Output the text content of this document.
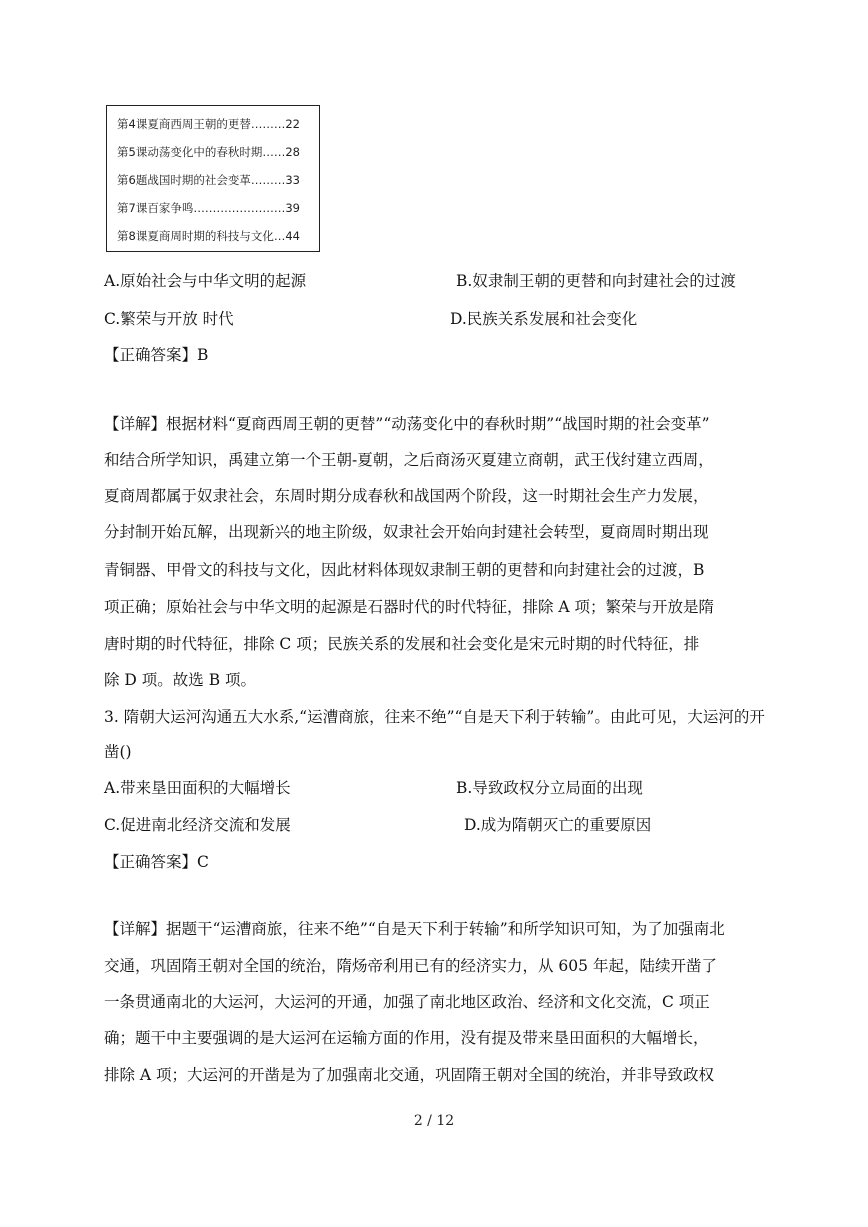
第4课夏商西周王朝的更替………22
第5课动荡变化中的春秋时期……28
第6题战国时期的社会变革………33
第7课百家争鸣……………………39
第8课夏商周时期的科技与文化…44
A.原始社会与中华文明的起源	B.奴隶制王朝的更替和向封建社会的过渡
C.繁荣与开放 时代	D.民族关系发展和社会变化
【正确答案】B
【详解】根据材料“夏商西周王朝的更替”“动荡变化中的春秋时期”“战国时期的社会变革”
和结合所学知识，禹建立第一个王朝-夏朝，之后商汤灭夏建立商朝，武王伐纣建立西周，
夏商周都属于奴隶社会，东周时期分成春秋和战国两个阶段，这一时期社会生产力发展，
分封制开始瓦解，出现新兴的地主阶级，奴隶社会开始向封建社会转型，夏商周时期出现
青铜器、甲骨文的科技与文化，因此材料体现奴隶制王朝的更替和向封建社会的过渡，B
项正确；原始社会与中华文明的起源是石器时代的时代特征，排除 A 项；繁荣与开放是隋
唐时期的时代特征，排除 C 项；民族关系的发展和社会变化是宋元时期的时代特征，排
除 D 项。故选 B 项。
3. 隋朝大运河沟通五大水系,“运漕商旅，往来不绝”“自是天下利于转输”。由此可见，大运河的开
凿()
A.带来垦田面积的大幅增长	B.导致政权分立局面的出现
C.促进南北经济交流和发展	D.成为隋朝灭亡的重要原因
【正确答案】C
【详解】据题干“运漕商旅，往来不绝”“自是天下利于转输”和所学知识可知，为了加强南北
交通，巩固隋王朝对全国的统治，隋炀帝利用已有的经济实力，从 605 年起，陆续开凿了
一条贯通南北的大运河，大运河的开通，加强了南北地区政治、经济和文化交流，C 项正
确；题干中主要强调的是大运河在运输方面的作用，没有提及带来垦田面积的大幅增长，
排除 A 项；大运河的开凿是为了加强南北交通，巩固隋王朝对全国的统治，并非导致政权
2 / 12
